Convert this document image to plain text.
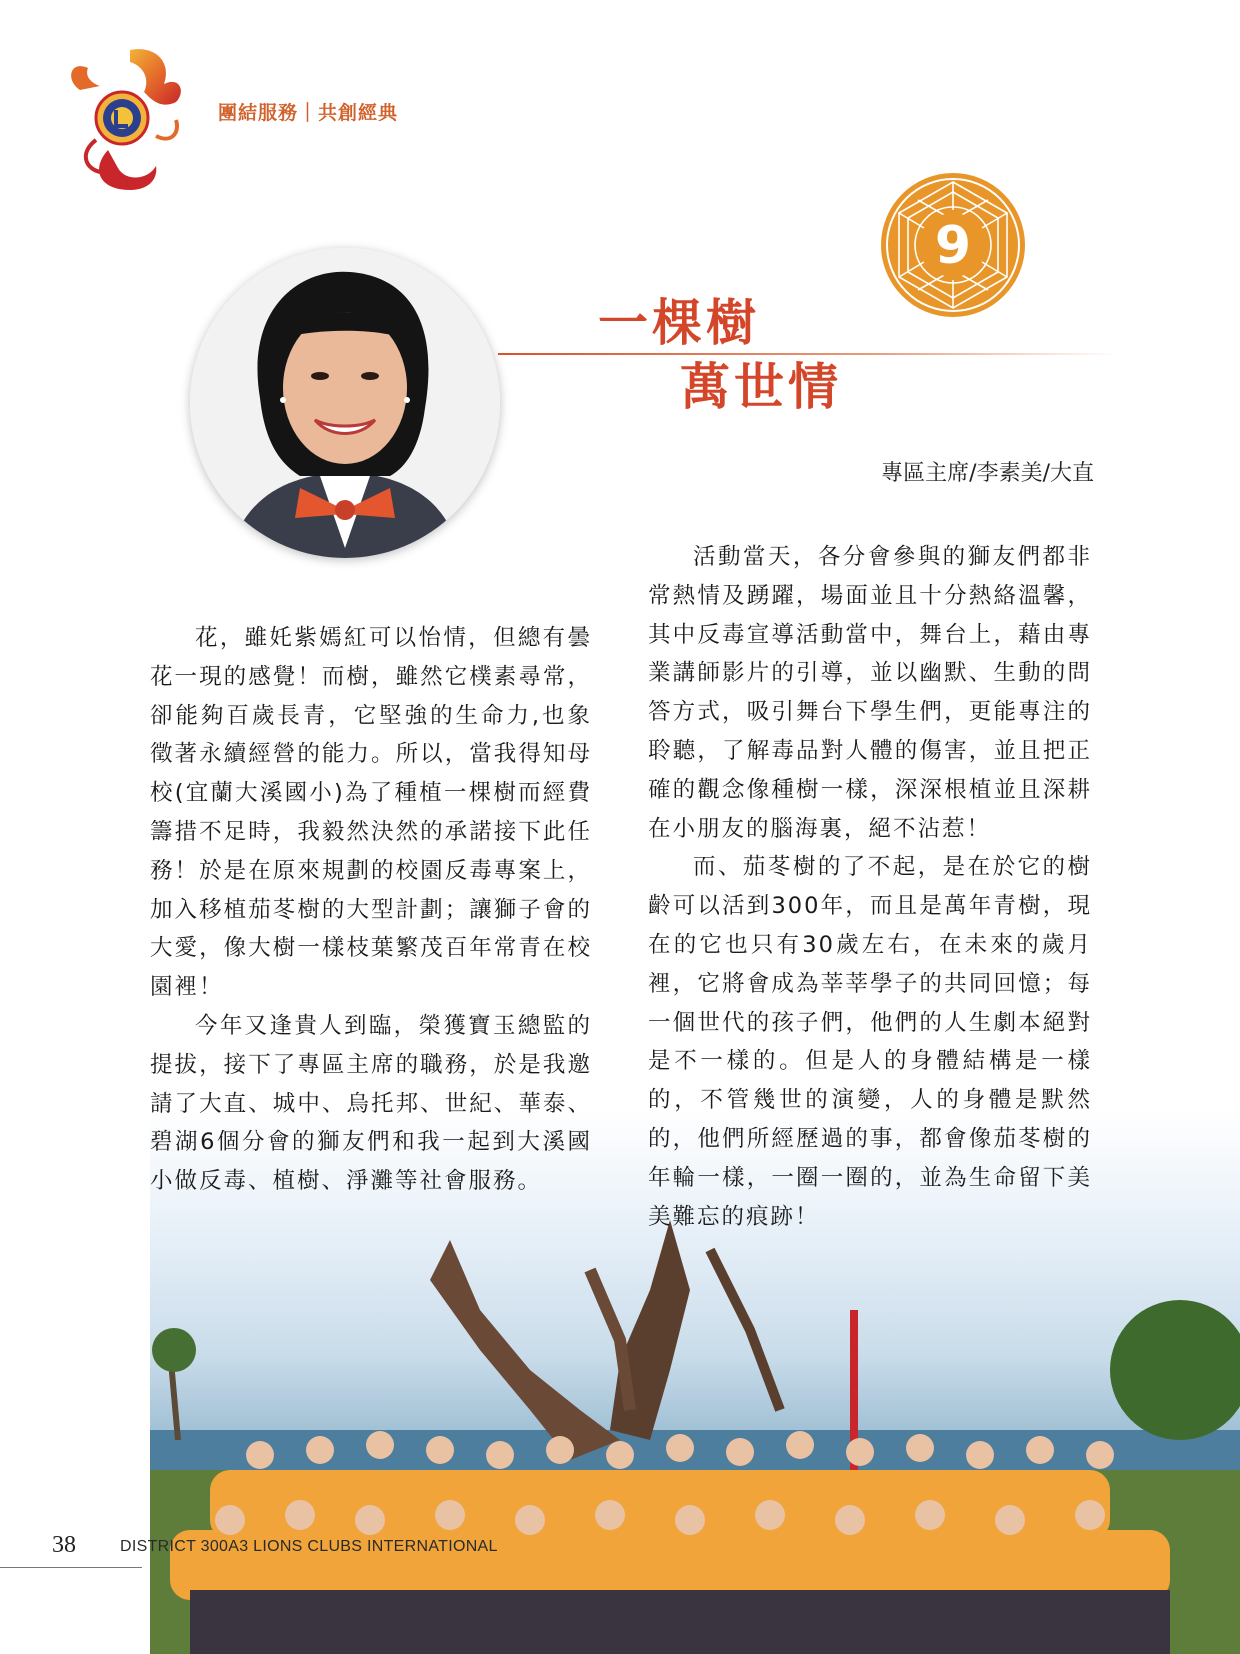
團結服務｜共創經典
9
一棵樹
萬世情
專區主席/李素美/大直

花，雖奼紫嫣紅可以怡情，但總有曇花一現的感覺！而樹，雖然它樸素尋常，卻能夠百歲長青，它堅強的生命力,也象徵著永續經營的能力。所以，當我得知母校(宜蘭大溪國小)為了種植一棵樹而經費籌措不足時，我毅然決然的承諾接下此任務！於是在原來規劃的校園反毒專案上，加入移植茄苳樹的大型計劃；讓獅子會的大愛，像大樹一樣枝葉繁茂百年常青在校園裡！

今年又逢貴人到臨，榮獲寶玉總監的提拔，接下了專區主席的職務，於是我邀請了大直、城中、烏托邦、世紀、華泰、碧湖6個分會的獅友們和我一起到大溪國小做反毒、植樹、淨灘等社會服務。

活動當天，各分會參與的獅友們都非常熱情及踴躍，場面並且十分熱絡溫馨，其中反毒宣導活動當中，舞台上，藉由專業講師影片的引導，並以幽默、生動的問答方式，吸引舞台下學生們，更能專注的聆聽，了解毒品對人體的傷害，並且把正確的觀念像種樹一樣，深深根植並且深耕在小朋友的腦海裏，絕不沾惹！

而、茄苳樹的了不起，是在於它的樹齡可以活到300年，而且是萬年青樹，現在的它也只有30歲左右，在未來的歲月裡，它將會成為莘莘學子的共同回憶；每一個世代的孩子們，他們的人生劇本絕對是不一樣的。但是人的身體結構是一樣的，不管幾世的演變，人的身體是默然的，他們所經歷過的事，都會像茄苳樹的年輪一樣，一圈一圈的，並為生命留下美美難忘的痕跡！

38	DISTRICT 300A3 LIONS CLUBS INTERNATIONAL
